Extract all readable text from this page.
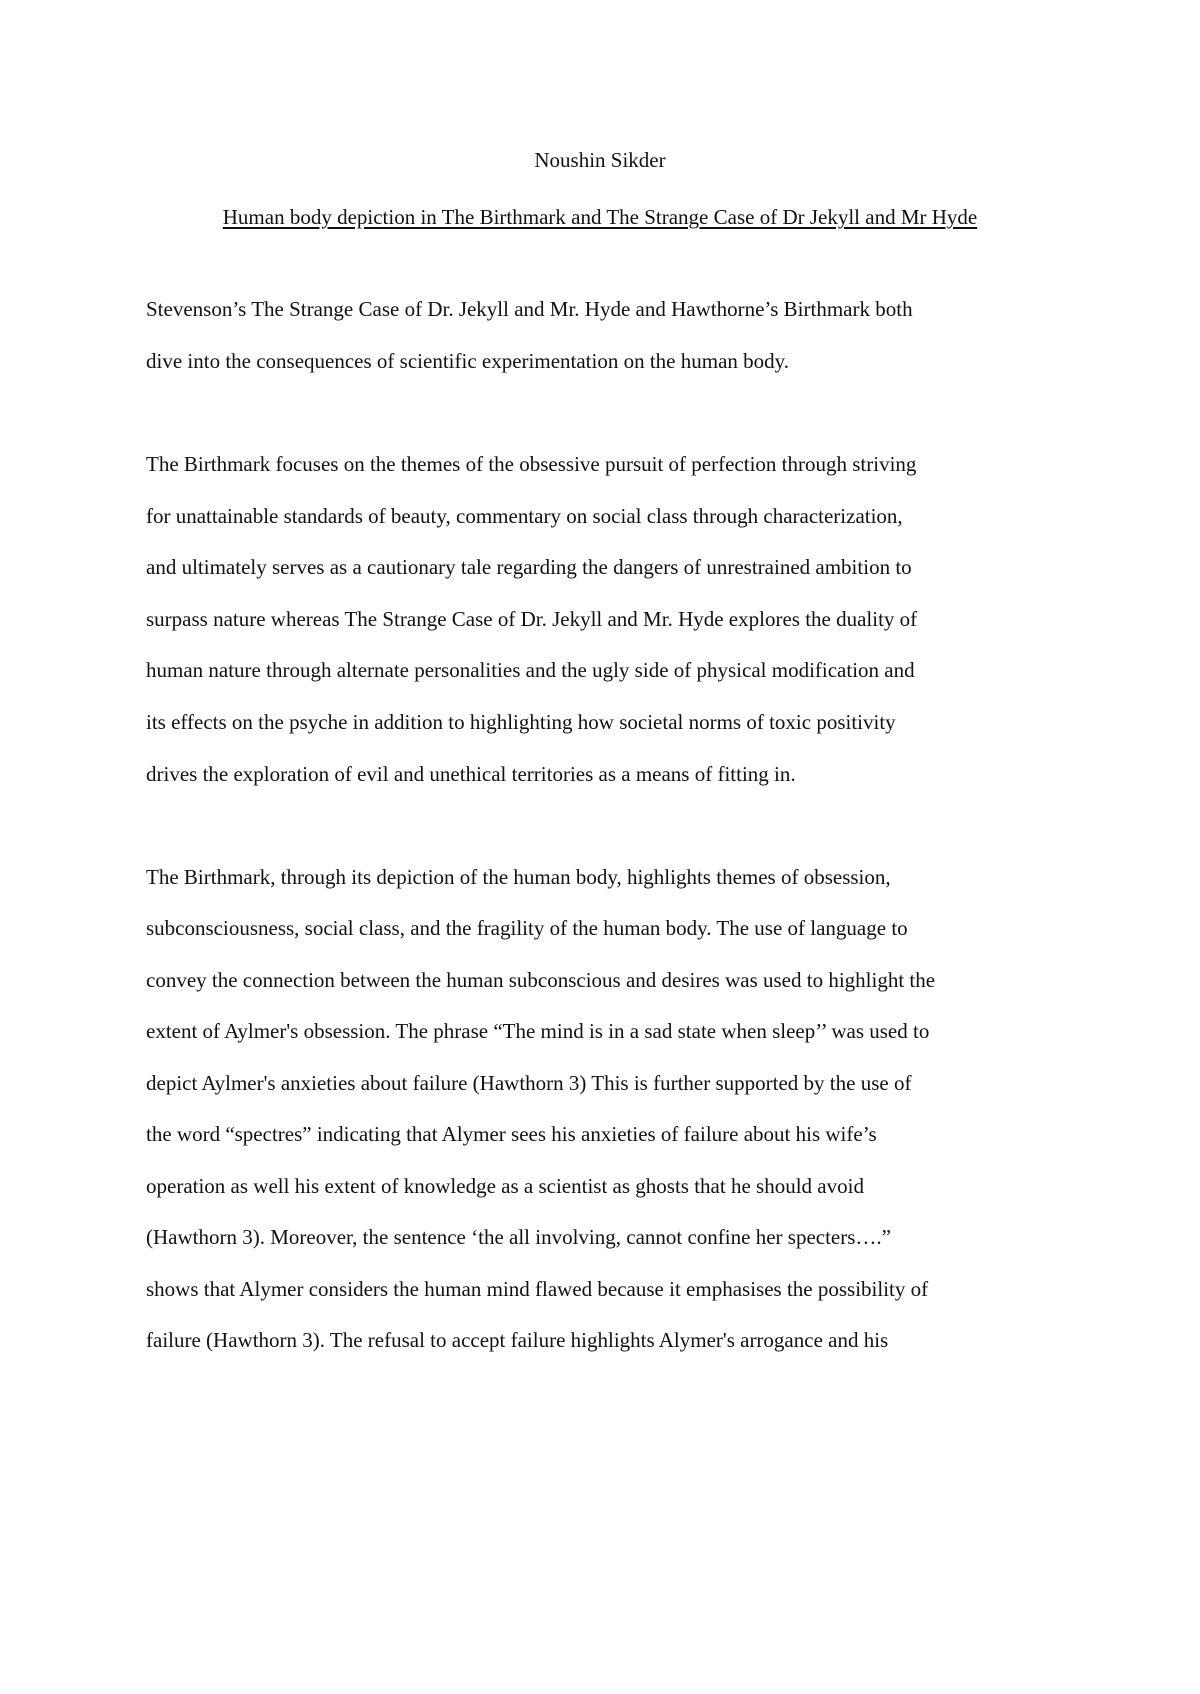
Noushin Sikder
Human body depiction in The Birthmark and The Strange Case of Dr Jekyll and Mr Hyde

Stevenson’s The Strange Case of Dr. Jekyll and Mr. Hyde and Hawthorne’s Birthmark both

dive into the consequences of scientific experimentation on the human body.

The Birthmark focuses on the themes of the obsessive pursuit of perfection through striving

for unattainable standards of beauty, commentary on social class through characterization,

and ultimately serves as a cautionary tale regarding the dangers of unrestrained ambition to

surpass nature whereas The Strange Case of Dr. Jekyll and Mr. Hyde explores the duality of

human nature through alternate personalities and the ugly side of physical modification and

its effects on the psyche in addition to highlighting how societal norms of toxic positivity

drives the exploration of evil and unethical territories as a means of fitting in.

The Birthmark, through its depiction of the human body, highlights themes of obsession,

subconsciousness, social class, and the fragility of the human body. The use of language to

convey the connection between the human subconscious and desires was used to highlight the

extent of Aylmer's obsession. The phrase “The mind is in a sad state when sleep’’ was used to

depict Aylmer's anxieties about failure (Hawthorn 3) This is further supported by the use of

the word “spectres” indicating that Alymer sees his anxieties of failure about his wife’s

operation as well his extent of knowledge as a scientist as ghosts that he should avoid

(Hawthorn 3). Moreover, the sentence ‘the all involving, cannot confine her specters….”

shows that Alymer considers the human mind flawed because it emphasises the possibility of

failure (Hawthorn 3). The refusal to accept failure highlights Alymer's arrogance and his
